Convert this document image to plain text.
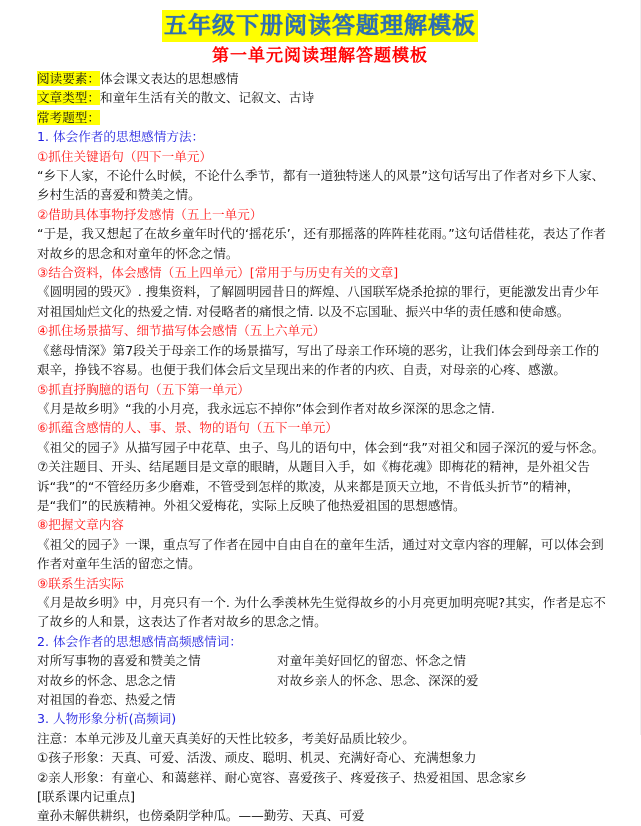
五年级下册阅读答题理解模板
第一单元阅读理解答题模板
阅读要素：体会课文表达的思想感情
文章类型：和童年生活有关的散文、记叙文、古诗
常考题型：
1. 体会作者的思想感情方法：
①抓住关键语句（四下一单元）
“乡下人家，不论什么时候，不论什么季节，都有一道独特迷人的风景”这句话写出了作者对乡下人家、乡村生活的喜爱和赞美之情。
②借助具体事物抒发感情（五上一单元）
“于是，我又想起了在故乡童年时代的‘摇花乐’，还有那摇落的阵阵桂花雨。”这句话借桂花，表达了作者对故乡的思念和对童年的怀念之情。
③结合资料，体会感情（五上四单元）[常用于与历史有关的文章]
《圆明园的毁灭》. 搜集资料，了解圆明园昔日的辉煌、八国联军烧杀抢掠的罪行，更能激发出青少年对祖国灿烂文化的热爱之情. 对侵略者的痛恨之情. 以及不忘国耻、振兴中华的责任感和使命感。
④抓住场景描写、细节描写体会感情（五上六单元）
《慈母情深》第7段关于母亲工作的场景描写，写出了母亲工作环境的恶劣，让我们体会到母亲工作的艰辛，挣钱不容易。也便于我们体会后文呈现出来的作者的内疚、自责，对母亲的心疼、感激。
⑤抓直抒胸臆的语句（五下第一单元）
《月是故乡明》“我的小月亮，我永远忘不掉你”体会到作者对故乡深深的思念之情.
⑥抓蕴含感情的人、事、景、物的语句（五下一单元）
《祖父的园子》从描写园子中花草、虫子、鸟儿的语句中，体会到“我”对祖父和园子深沉的爱与怀念。
⑦关注题目、开头、结尾题目是文章的眼睛，从题目入手，如《梅花魂》即梅花的精神，是外祖父告诉“我”的“不管经历多少磨难，不管受到怎样的欺凌，从来都是顶天立地，不肯低头折节”的精神，是“我们”的民族精神。外祖父爱梅花，实际上反映了他热爱祖国的思想感情。
⑧把握文章内容
《祖父的园子》一课，重点写了作者在园中自由自在的童年生活，通过对文章内容的理解，可以体会到作者对童年生活的留恋之情。
⑨联系生活实际
《月是故乡明》中，月亮只有一个. 为什么季羡林先生觉得故乡的小月亮更加明亮呢?其实，作者是忘不了故乡的人和景，这表达了作者对故乡的思念之情。
2. 体会作者的思想感情高频感情词：
对所写事物的喜爱和赞美之情	对童年美好回忆的留恋、怀念之情
对故乡的怀念、思念之情	对故乡亲人的怀念、思念、深深的爱
对祖国的眷恋、热爱之情
3. 人物形象分析(高频词)
注意：本单元涉及儿童天真美好的天性比较多，考美好品质比较少。
①孩子形象：天真、可爱、活泼、顽皮、聪明、机灵、充满好奇心、充满想象力
②亲人形象：有童心、和蔼慈祥、耐心宽容、喜爱孩子、疼爱孩子、热爱祖国、思念家乡
[联系课内记重点]
童孙未解供耕织，也傍桑阴学种瓜。——勤劳、天真、可爱
